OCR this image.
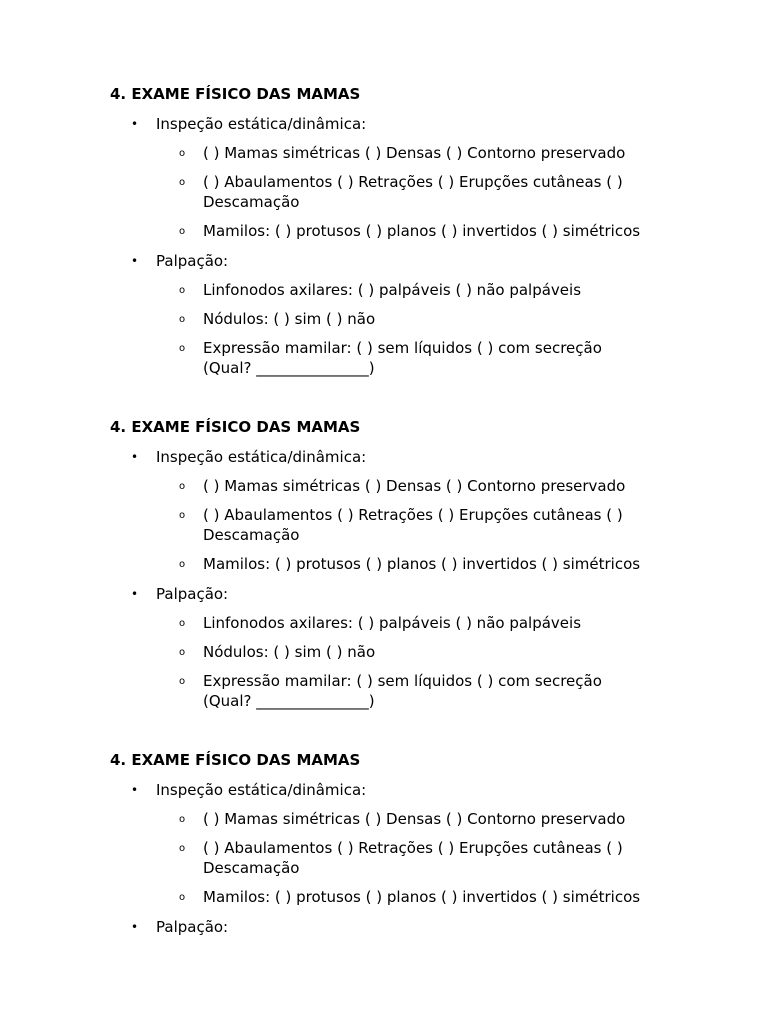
4. EXAME FÍSICO DAS MAMAS
• Inspeção estática/dinâmica:
o ( ) Mamas simétricas ( ) Densas ( ) Contorno preservado
o ( ) Abaulamentos ( ) Retrações ( ) Erupções cutâneas ( ) Descamação
o Mamilos: ( ) protusos ( ) planos ( ) invertidos ( ) simétricos
• Palpação:
o Linfonodos axilares: ( ) palpáveis ( ) não palpáveis
o Nódulos: ( ) sim ( ) não
o Expressão mamilar: ( ) sem líquidos ( ) com secreção (Qual? _______________)
4. EXAME FÍSICO DAS MAMAS
• Inspeção estática/dinâmica:
o ( ) Mamas simétricas ( ) Densas ( ) Contorno preservado
o ( ) Abaulamentos ( ) Retrações ( ) Erupções cutâneas ( ) Descamação
o Mamilos: ( ) protusos ( ) planos ( ) invertidos ( ) simétricos
• Palpação:
o Linfonodos axilares: ( ) palpáveis ( ) não palpáveis
o Nódulos: ( ) sim ( ) não
o Expressão mamilar: ( ) sem líquidos ( ) com secreção (Qual? _______________)
4. EXAME FÍSICO DAS MAMAS
• Inspeção estática/dinâmica:
o ( ) Mamas simétricas ( ) Densas ( ) Contorno preservado
o ( ) Abaulamentos ( ) Retrações ( ) Erupções cutâneas ( ) Descamação
o Mamilos: ( ) protusos ( ) planos ( ) invertidos ( ) simétricos
• Palpação:
